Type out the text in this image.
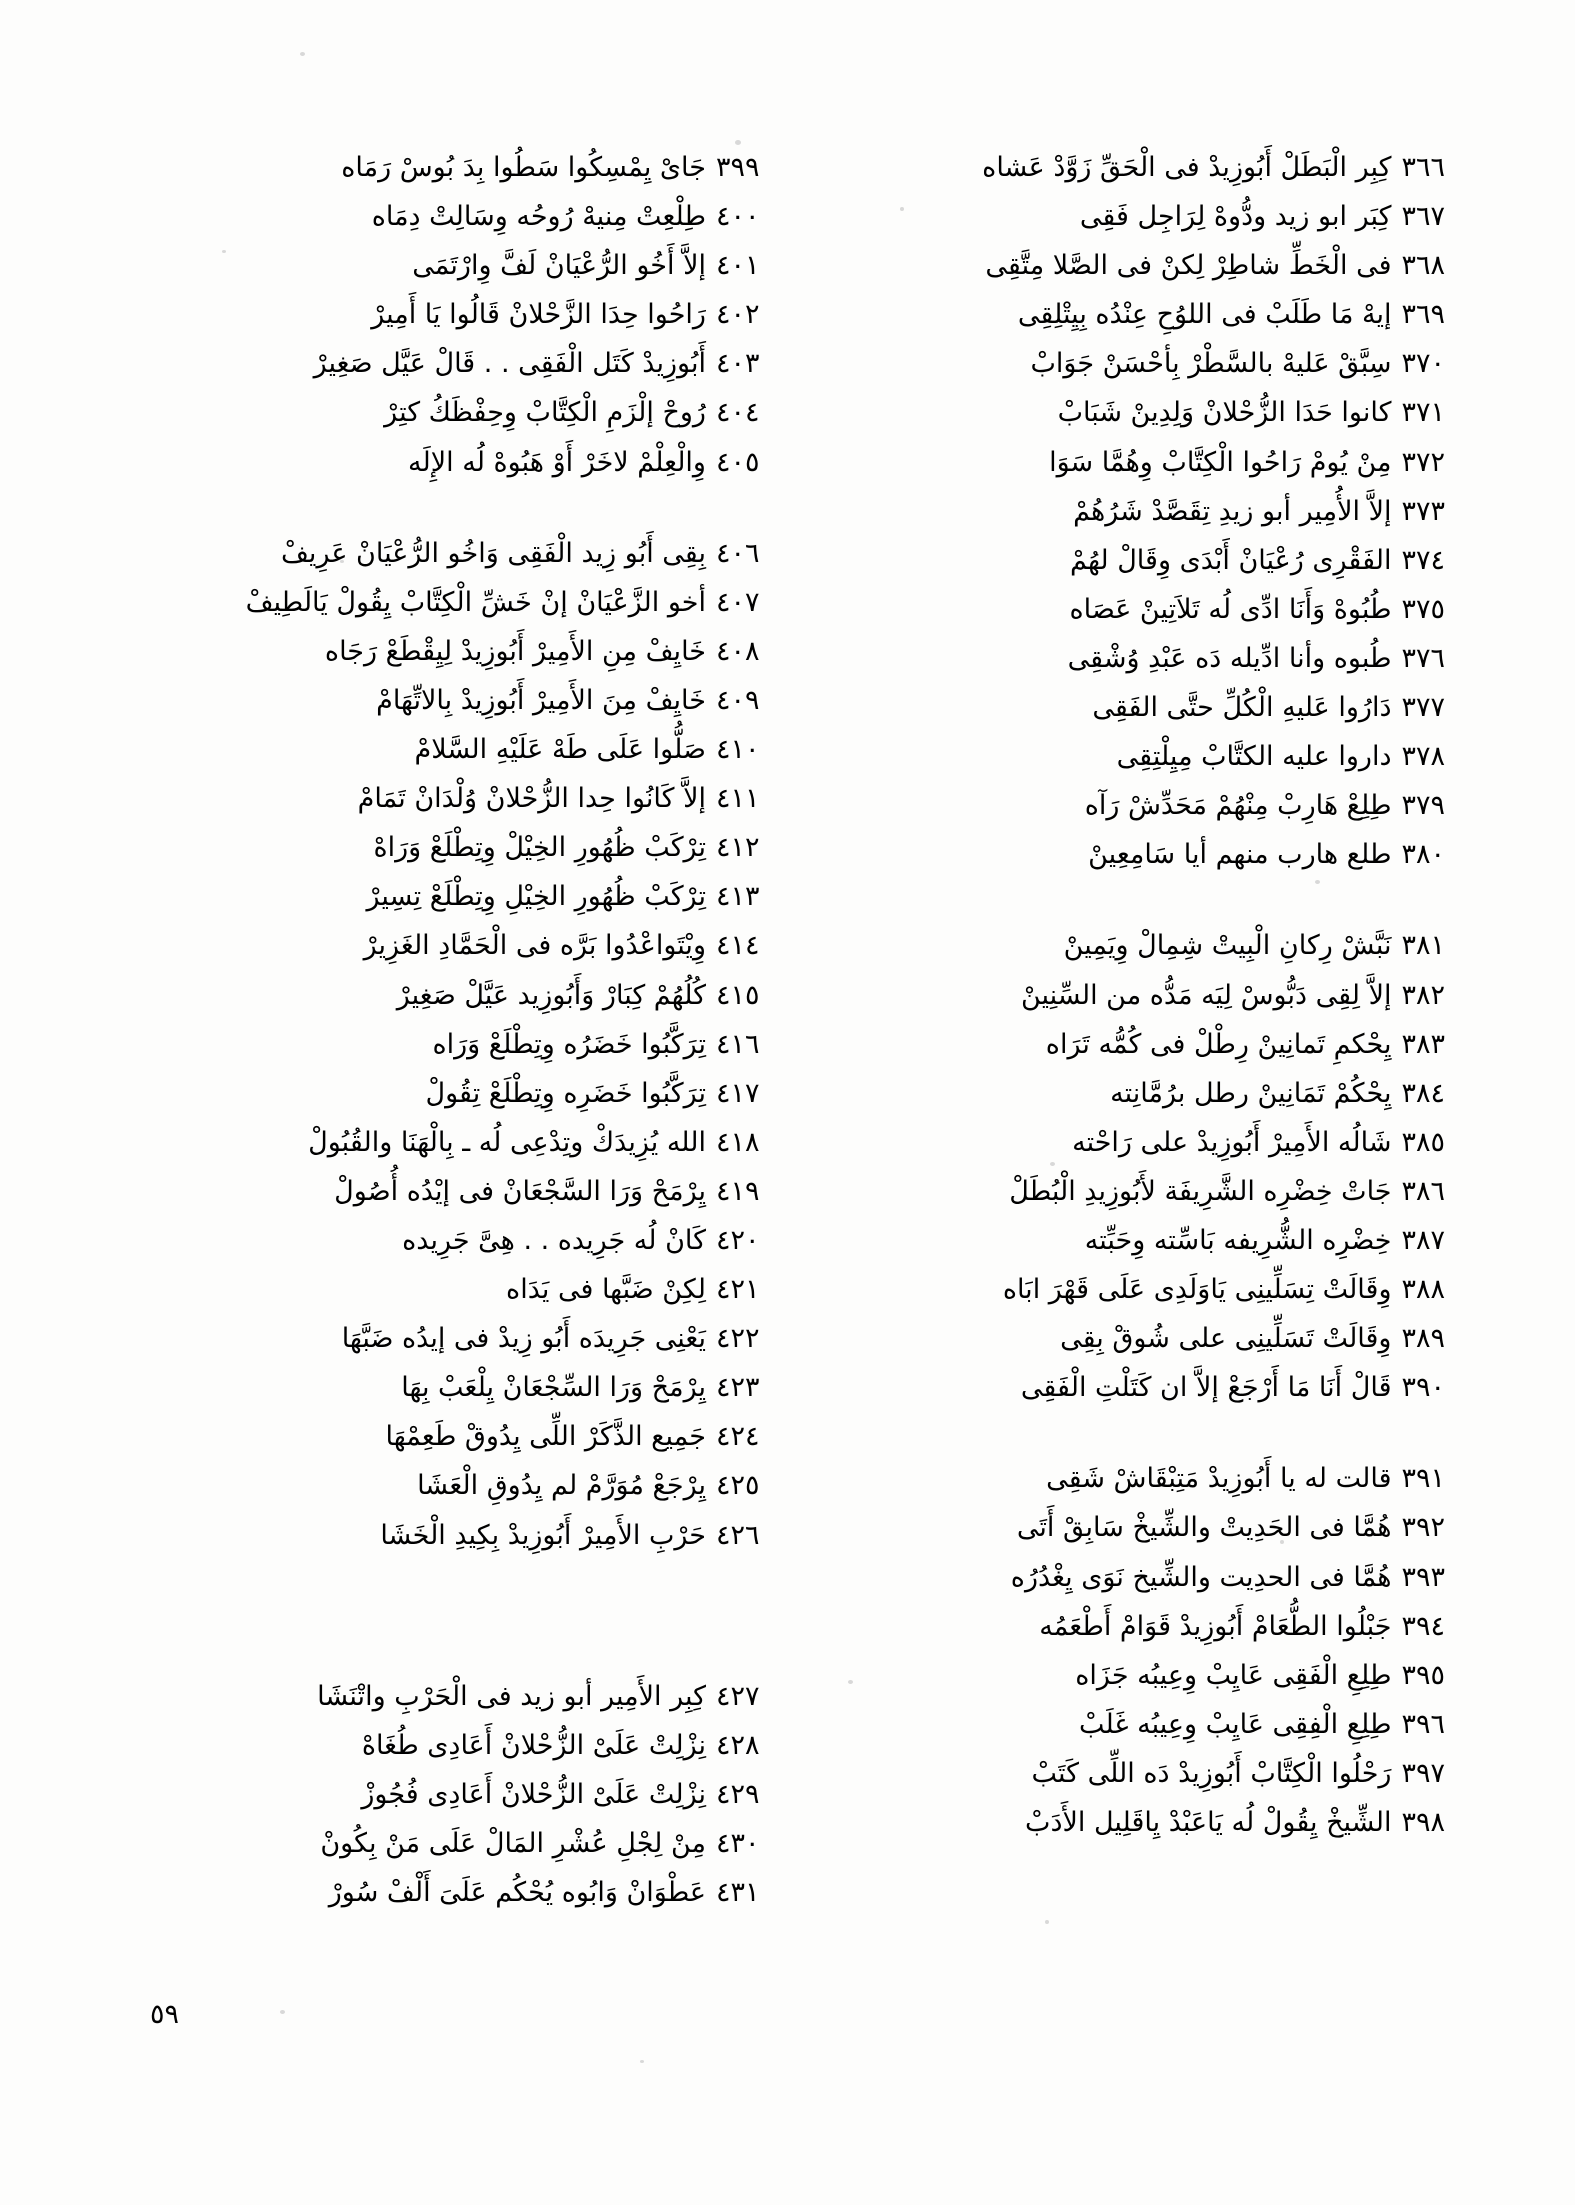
٣٦٦
كِبِر الْبَطَلْ أَبُوزِيدْ فى الْحَقِّ زَوَّدْ عَشاه
٣٦٧
كِبَر ابو زيد ودُّوهْ لِرَاجِل فَقِى
٣٦٨
فى الْخَطِّ شاطِرْ لِكنْ فى الصَّلا مِتَّقِى
٣٦٩
إيهْ مَا طَلَبْ فى اللوُحِ عِنْدُه بِيِتْلِقِى
٣٧٠
سِبَّقْ عَليهْ بالسَّطْرْ بِأحْسَنْ جَوَابْ
٣٧١
كانوا حَدَا الزُّحْلانْ وَلِدِينْ شَبَابْ
٣٧٢
مِنْ يُومْ رَاحُوا الْكِتَّابْ وِهُمَّا سَوَا
٣٧٣
إلاَّ الأُمِير أبو زيدِ تِقَصَّدْ شَرُهُمْ
٣٧٤
الفَقْرِى رُعْيَانْ أَبْدَى وِقَالْ لهُمْ
٣٧٥
طُبُوهْ وَأَنَا ادِّى لُه تَلاَتِينْ عَصَاه
٣٧٦
طُبوه وأنا ادِّيله دَه عَبْدِ وُشْقِى
٣٧٧
دَارُوا عَليهِ الْكُلِّ حتَّى الفَقِى
٣٧٨
داروا عليه الكتَّابْ مِيِلْتِقِى
٣٧٩
طِلِعْ هَارِبْ مِنْهُمْ مَحَدِّشْ رَآه
٣٨٠
طلع هارب منهم أيا سَامِعِينْ
٣٨١
نَبَّشْ رِكانِ الْبِيتْ شِمِالْ وِيَمِينْ
٣٨٢
إلاَّ لِقِى دَبُّوسْ لِيَه مَدُّه من السِّنِينْ
٣٨٣
يِحْكمِ تَمانِينْ رِطْلْ فى كُمُّه تَرَاه
٣٨٤
يِحْكُمْ تَمَانِينْ رطل برُمَّانِته
٣٨٥
شَالُه الأَمِيرْ أَبُوزِيدْ على رَاحْته
٣٨٦
جَاتْ خِضْرِه الشَّرِيفَة لأَبُوزِيدِ الْبُطَلْ
٣٨٧
خِضْرِه الشُّرِيفه بَاسِّته وِحَبِّته
٣٨٨
وِقَالَتْ تِسَلِّينِى يَاوَلَدِى عَلَى قَهْرَ ابَاه
٣٨٩
وِقَالَتْ تَسَلِّينِى على شُوقْ بِقِى
٣٩٠
قَالْ أَنَا مَا أَرْجَعْ إلاَّ ان كَتَلْتِ الْفَقِى
٣٩١
قالت له يا أَبُوزِيدْ مَتِبْقَاشْ شَقِى
٣٩٢
هُمَّا فى الحَدِيتْ والشِّيخْ سَابِقْ أَتَى
٣٩٣
هُمَّا فى الحدِيت والشِّيخ نَوَى يِغْدُرُه
٣٩٤
جَبْلُوا الطُّعَامْ أَبُوزِيدْ قَوَامْ أَطْعَمُه
٣٩٥
طِلِعِ الْفَقِى عَايِبْ وِعِيبُه جَزَاه
٣٩٦
طِلِعِ الْفِقِى عَايِبْ وِعِيبُه غَلَبْ
٣٩٧
رَحْلُوا الْكِتَّابْ أَبُوزِيدْ دَه اللِّى كَتَبْ
٣٩٨
الشِّيخْ يِقُولْ لُه يَاعَبْدْ يِاقَلِيل الأَدَبْ
٣٩٩
جَاىْ يِمْسِكُوا سَطُوا بِدَ بُوسْ رَمَاه
٤٠٠
طِلْعِتْ مِنيهْ رُوحُه وِسَالِتْ دِمَاه
٤٠١
إلاَّ أَخُو الرُّعْيَانْ لَفَّ وِارْتَمَى
٤٠٢
رَاحُوا حِدَا الزَّحْلانْ قَالُوا يَا أَمِيرْ
٤٠٣
أَبُوزِيدْ كَتَل الْفَقِى . . قَالْ عَيَّل صَغِيرْ
٤٠٤
رُوحْ إلْزَمِ الْكِتَّابْ وِحِفْظَكُ كتِرْ
٤٠٥
وِالْعِلْمْ لاخَرْ أَوْ هَبُوهْ لُه الإِلَه
٤٠٦
بِقِى أَبُو زِيد الْفَقِى وَاخُو الرُّعْيَانْ عَرِيفْ
٤٠٧
أخو الزَّعْيَانْ إنْ خَشِّ الْكِتَّابْ يِقُولْ يَالَطِيفْ
٤٠٨
خَايِفْ مِنِ الأَمِيرْ أَبُوزِيدْ لِيِقْطَعْ رَجَاه
٤٠٩
خَايِفْ مِنَ الأَمِيرْ أَبُوزِيدْ بِالاتِّهَامْ
٤١٠
صَلُّوا عَلَى طَهْ عَلَيْهِ السَّلامْ
٤١١
إلاَّ كَانُوا حِدا الزُّحْلانْ وُلْدَانْ تَمَامْ
٤١٢
تِرْكَبْ ظُهُورِ الخِيْلْ وِتِطْلَعْ وَرَاهْ
٤١٣
تِرْكَبْ ظُهُورِ الخِيْلِ وِتِطْلَعْ تِسِيرْ
٤١٤
وِيْتَواعْدُوا بَرَّه فى الْحَمَّادِ الغَزِيرْ
٤١٥
كُلُهُمْ كِبَارْ وَأَبُوزِيد عَيَّلْ صَغِيرْ
٤١٦
تِرَكَّبُوا خَضَرُه وِتِطْلَعْ وَرَاه
٤١٧
تِرَكَّبُوا خَضَرِه وِتِطْلَعْ تِقُولْ
٤١٨
الله يُزِيدَكْ وتِدْعِى لُه ـ بِالْهَنَا والقُبُولْ
٤١٩
يِرْمَحْ وَرَا السَّجْعَانْ فى إيْدُه أُصُولْ
٤٢٠
كَانْ لُه جَرِيده . . هِىَّ جَرِيده
٤٢١
لِكِنْ ضَبَّها فى يَدَاه
٤٢٢
يَعْنِى جَرِيدَه أَبُو زِيدْ فى إيدُه ضَبَّهَا
٤٢٣
يِرْمَحْ وَرَا السِّجْعَانْ يِلْعَبْ بِهَا
٤٢٤
جَمِيع الذَّكَرْ اللِّى يِدُوقْ طَعِمْهَا
٤٢٥
يِرْجَعْ مُوَرَّمْ لم يِدُوقِ الْعَشَا
٤٢٦
حَرْبِ الأَمِيرْ أَبُوزِيدْ بِكِيدِ الْخَشَا
٤٢٧
كِبِر الأَمِير أبو زيد فى الْحَرْبِ واتْنَشَا
٤٢٨
نِزْلِتْ عَلَىْ الزُّحْلانْ أَعَادِى طُغَاهْ
٤٢٩
نِزْلِتْ عَلَىْ الزُّحْلانْ أَعَادِى فُجُوزْ
٤٣٠
مِنْ لِجْلِ عُشْرِ المَالْ عَلَى مَنْ بِكُونْ
٤٣١
عَطْوَانْ وَابُوه يُحْكُم عَلَىَ أَلْفْ سُورْ
٥٩
